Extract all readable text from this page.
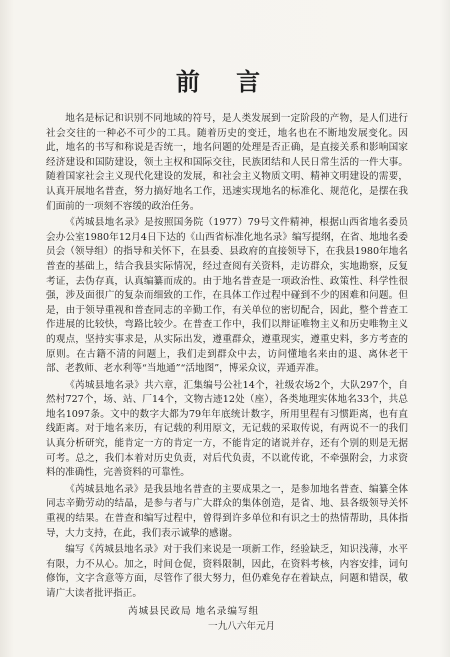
前 言

地名是标记和识别不同地域的符号，是人类发展到一定阶段的产物，是人们进行社会交往的一种必不可少的工具。随着历史的变迁，地名也在不断地发展变化。因此，地名的书写和称说是否统一，地名问题的处理是否正确，是直接关系和影响国家经济建设和国防建设，领土主权和国际交往，民族团结和人民日常生活的一件大事。随着国家社会主义现代化建设的发展，和社会主义物质文明、精神文明建设的需要，认真开展地名普查，努力搞好地名工作，迅速实现地名的标准化、规范化，是摆在我们面前的一项刻不容缓的政治任务。

《芮城县地名录》是按照国务院（1977）79号文件精神，根据山西省地名委员会办公室1980年12月4日下达的《山西省标准化地名录》编写提纲，在省、地地名委员会（领导组）的指导和关怀下，在县委、县政府的直接领导下，在我县1980年地名普查的基础上，结合我县实际情况，经过查阅有关资料，走访群众，实地勘察，反复考证，去伪存真，认真编纂而成的。由于地名普查是一项政治性、政策性、科学性很强，涉及面很广的复杂而细致的工作，在具体工作过程中碰到不少的困难和问题。但是，由于领导重视和普查同志的辛勤工作，有关单位的密切配合，因此，整个普查工作进展的比较快，弯路比较少。在普查工作中，我们以辩证唯物主义和历史唯物主义的观点，坚持实事求是，从实际出发，遵重群众，遵重现实，遵重史料，多方考查的原则。在古籍不清的问题上，我们走到群众中去，访问懂地名来由的退、离休老干部、老教师、老水利等“当地通”“活地图”，博采众议，弄通弄准。

《芮城县地名录》共六章，汇集编号公社14个，社级农场2个，大队297个，自然村727个，场、站、厂14个，文物古迹12处（座），各类地理实体地名33个，共总地名1097条。文中的数字大都为79年年底统计数字，所用里程有习惯距离，也有直线距离。对于地名来历，有记载的利用原文，无记载的采取传说，有两说不一的我们认真分析研究，能肯定一方的肯定一方，不能肯定的诸说并存，还有个别的则是无据可考。总之，我们本着对历史负责，对后代负责，不以讹传讹，不牵强附会，力求资料的准确性，完善资料的可靠性。

《芮城县地名录》是我县地名普查的主要成果之一，是参加地名普查、编纂全体同志辛勤劳动的结晶，是参与者与广大群众的集体创造，是省、地、县各级领导关怀重视的结果。在普查和编写过程中，曾得到许多单位和有识之士的热情帮助，具体指导，大力支持，在此，我们表示诚挚的感谢。

编写《芮城县地名录》对于我们来说是一项新工作，经验缺乏，知识浅薄，水平有限，力不从心。加之，时间仓促，资料限制，因此，在资料考核，内容安排，词句修饰，文字含意等方面，尽管作了很大努力，但仍难免存在着缺点，问题和错误，敬请广大读者批评指正。

芮城县民政局 地名录编写组
一九八六年元月
